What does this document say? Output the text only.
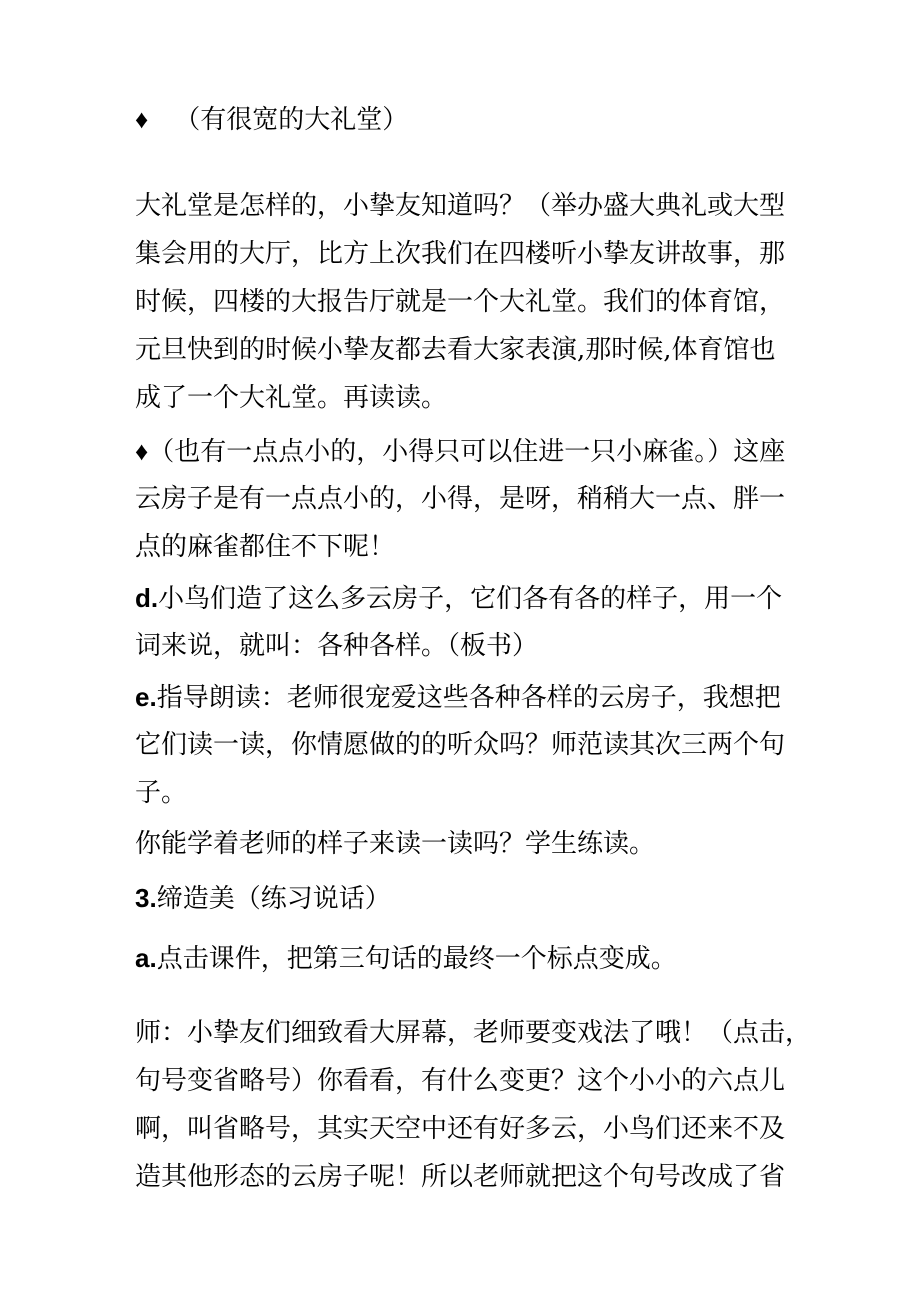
♦ （有很宽的大礼堂）
大礼堂是怎样的，小挚友知道吗？（举办盛大典礼或大型
集会用的大厅，比方上次我们在四楼听小挚友讲故事，那
时候，四楼的大报告厅就是一个大礼堂。我们的体育馆，
元旦快到的时候小挚友都去看大家表演,那时候,体育馆也
成了一个大礼堂。再读读。
♦（也有一点点小的，小得只可以住进一只小麻雀。）这座
云房子是有一点点小的，小得，是呀，稍稍大一点、胖一
点的麻雀都住不下呢！
d.小鸟们造了这么多云房子，它们各有各的样子，用一个
词来说，就叫：各种各样。（板书）
e.指导朗读：老师很宠爱这些各种各样的云房子，我想把
它们读一读，你情愿做的的听众吗？师范读其次三两个句
子。
你能学着老师的样子来读一读吗？学生练读。
3.缔造美（练习说话）
a.点击课件，把第三句话的最终一个标点变成。
师：小挚友们细致看大屏幕，老师要变戏法了哦！（点击，
句号变省略号）你看看，有什么变更？这个小小的六点儿
啊，叫省略号，其实天空中还有好多云，小鸟们还来不及
造其他形态的云房子呢！所以老师就把这个句号改成了省
